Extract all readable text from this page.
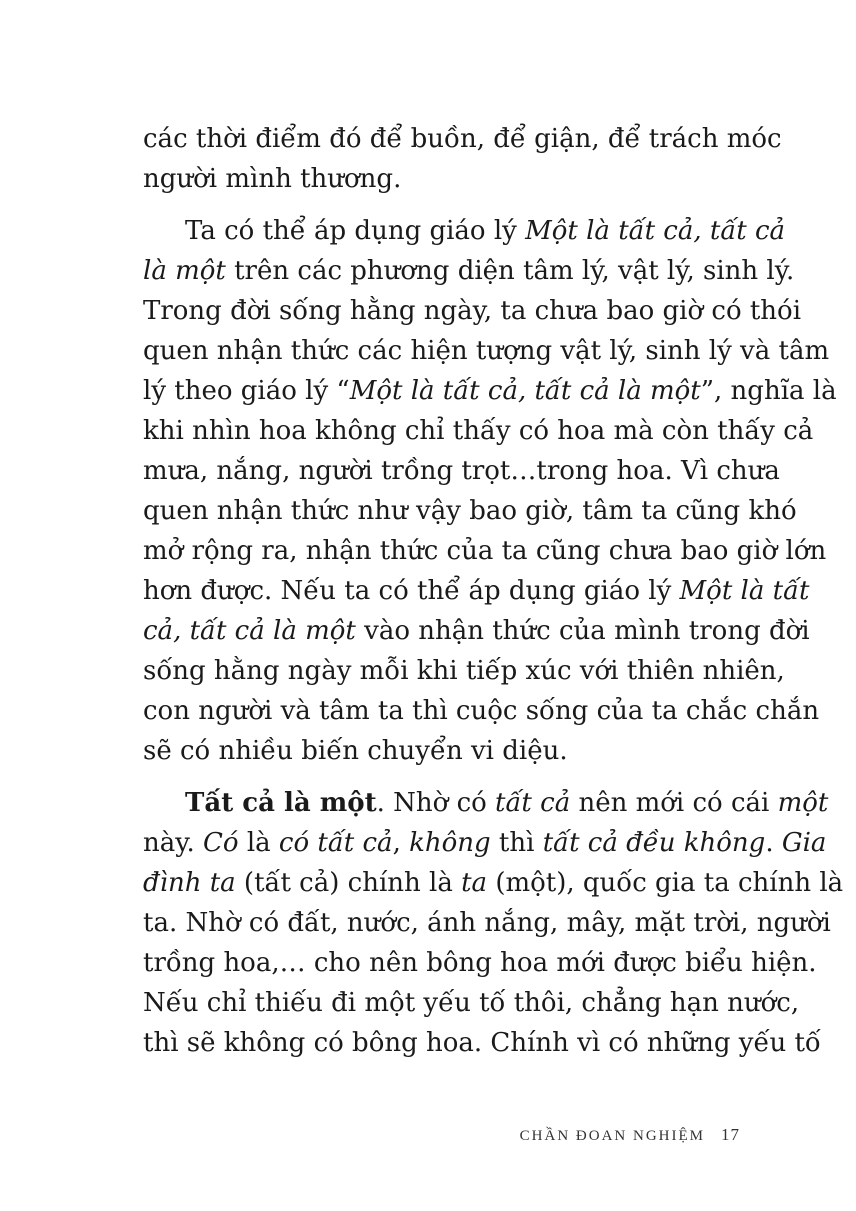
các thời điểm đó để buồn, để giận, để trách móc
người mình thương.
Ta có thể áp dụng giáo lý Một là tất cả, tất cả
là một trên các phương diện tâm lý, vật lý, sinh lý.
Trong đời sống hằng ngày, ta chưa bao giờ có thói
quen nhận thức các hiện tượng vật lý, sinh lý và tâm
lý theo giáo lý “Một là tất cả, tất cả là một”, nghĩa là
khi nhìn hoa không chỉ thấy có hoa mà còn thấy cả
mưa, nắng, người trồng trọt…trong hoa. Vì chưa
quen nhận thức như vậy bao giờ, tâm ta cũng khó
mở rộng ra, nhận thức của ta cũng chưa bao giờ lớn
hơn được. Nếu ta có thể áp dụng giáo lý Một là tất
cả, tất cả là một vào nhận thức của mình trong đời
sống hằng ngày mỗi khi tiếp xúc với thiên nhiên,
con người và tâm ta thì cuộc sống của ta chắc chắn
sẽ có nhiều biến chuyển vi diệu.
Tất cả là một. Nhờ có tất cả nên mới có cái một
này. Có là có tất cả, không thì tất cả đều không. Gia
đình ta (tất cả) chính là ta (một), quốc gia ta chính là
ta. Nhờ có đất, nước, ánh nắng, mây, mặt trời, người
trồng hoa,… cho nên bông hoa mới được biểu hiện.
Nếu chỉ thiếu đi một yếu tố thôi, chẳng hạn nước,
thì sẽ không có bông hoa. Chính vì có những yếu tố
CHẦN ĐOAN NGHIỆM 17
